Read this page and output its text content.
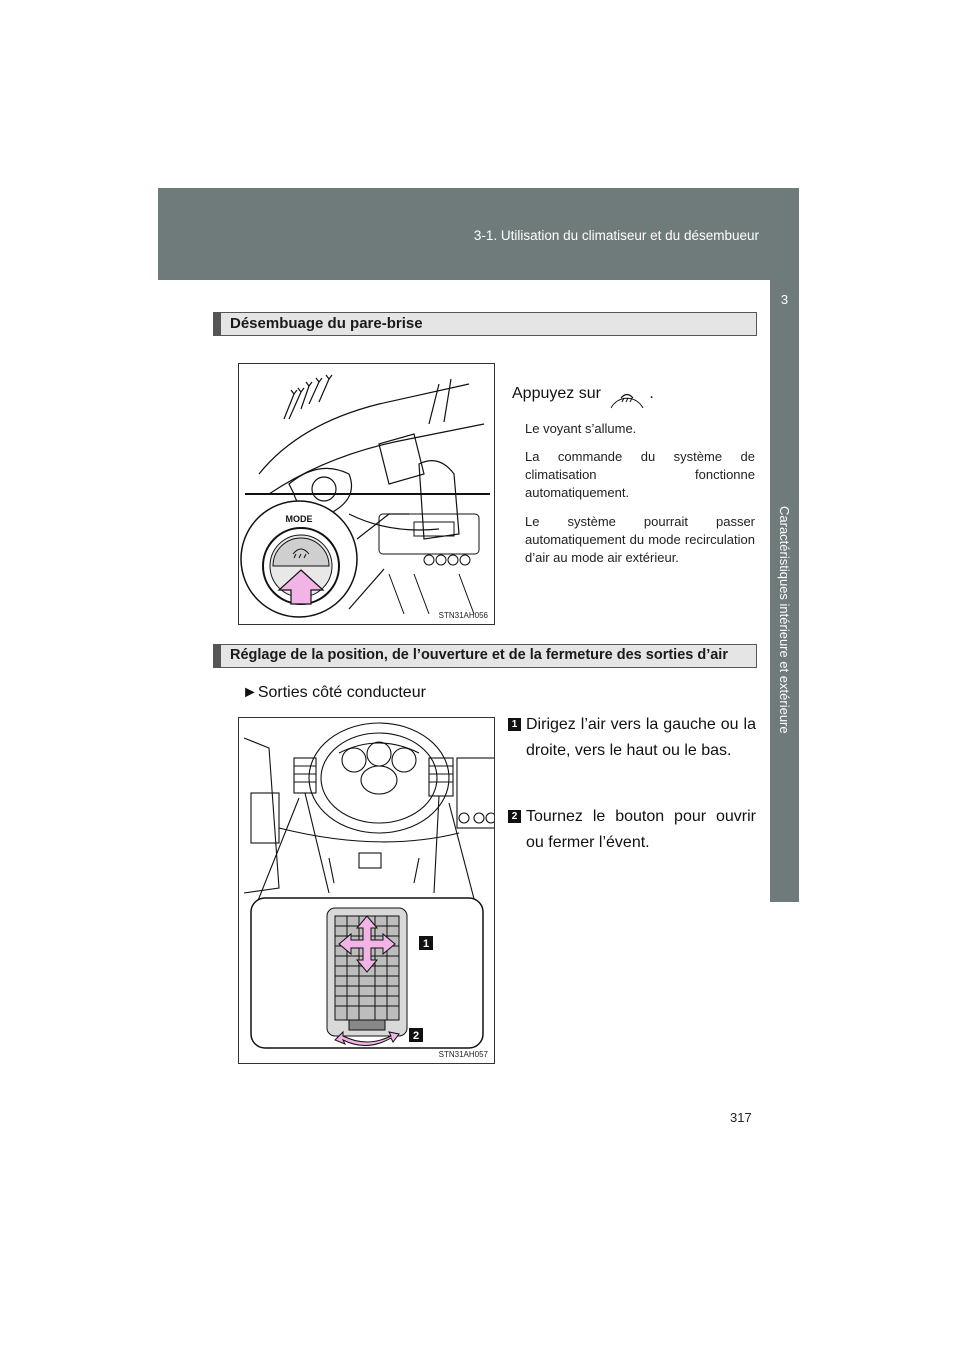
3-1. Utilisation du climatiseur et du désembueur
3
Caractéristiques intérieure et extérieure
Désembuage du pare-brise
MODE
STN31AH056
Appuyez sur	.
Le voyant s’allume.
La commande du système de climatisation fonctionne automatiquement.
Le système pourrait passer automatiquement du mode recirculation d’air au mode air extérieur.
Réglage de la position, de l’ouverture et de la fermeture des sorties d’air
►Sorties côté conducteur
1
2
STN31AH057
1 Dirigez l’air vers la gauche ou la droite, vers le haut ou le bas.
2 Tournez le bouton pour ouvrir ou fermer l’évent.
317
